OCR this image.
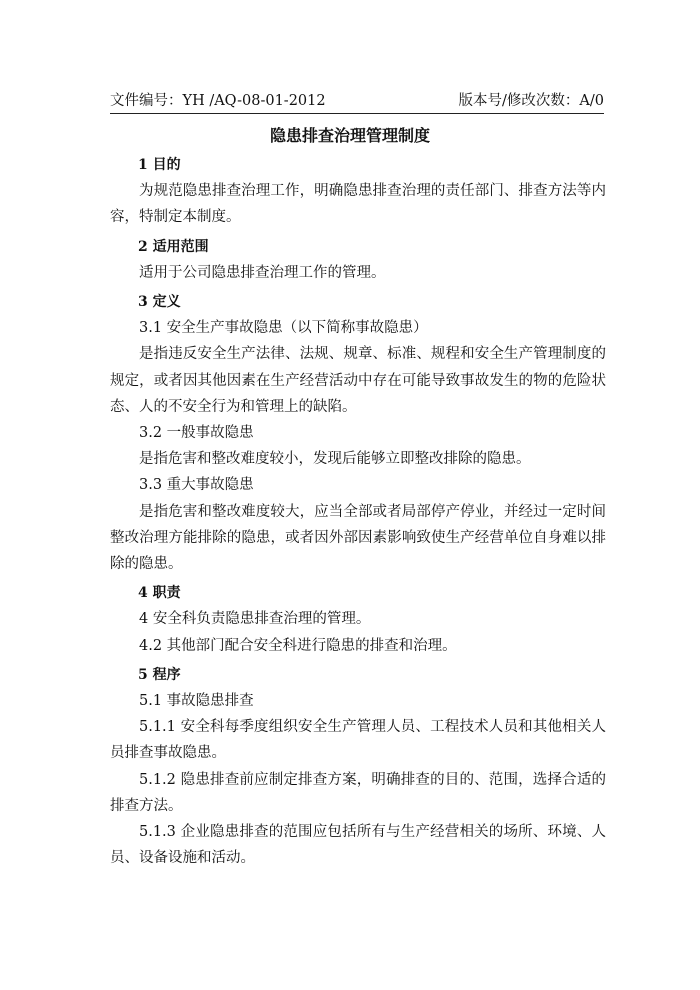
文件编号：YH /AQ-08-01-2012	版本号/修改次数：A/0
隐患排查治理管理制度

1 目的

为规范隐患排查治理工作，明确隐患排查治理的责任部门、排查方法等内容，特制定本制度。

2 适用范围

适用于公司隐患排查治理工作的管理。

3 定义

3.1 安全生产事故隐患（以下简称事故隐患）

是指违反安全生产法律、法规、规章、标准、规程和安全生产管理制度的规定，或者因其他因素在生产经营活动中存在可能导致事故发生的物的危险状态、人的不安全行为和管理上的缺陷。

3.2 一般事故隐患

是指危害和整改难度较小，发现后能够立即整改排除的隐患。

3.3 重大事故隐患

是指危害和整改难度较大，应当全部或者局部停产停业，并经过一定时间整改治理方能排除的隐患，或者因外部因素影响致使生产经营单位自身难以排除的隐患。

4 职责

4 安全科负责隐患排查治理的管理。

4.2 其他部门配合安全科进行隐患的排查和治理。

5 程序

5.1 事故隐患排查

5.1.1 安全科每季度组织安全生产管理人员、工程技术人员和其他相关人员排查事故隐患。

5.1.2 隐患排查前应制定排查方案，明确排查的目的、范围，选择合适的排查方法。

5.1.3 企业隐患排查的范围应包括所有与生产经营相关的场所、环境、人员、设备设施和活动。
